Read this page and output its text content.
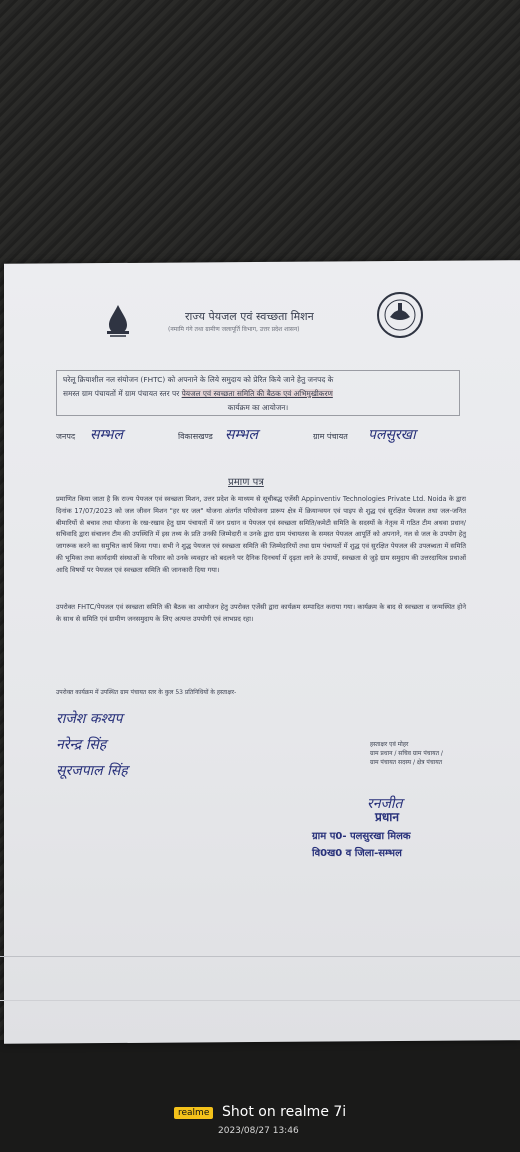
राज्य पेयजल एवं स्वच्छता मिशन
(नमामि गंगे तथा ग्रामीण जलापूर्ति विभाग, उत्तर प्रदेश शासन)
घरेलू क्रियाशील नल संयोजन (FHTC) को अपनाने के लिये समुदाय को प्रेरित किये जाने हेतु जनपद के
समस्त ग्राम पंचायतों में ग्राम पंचायत स्तर पर पेयजल एवं स्वच्छता समिति की बैठक एवं अभिमुखीकरण
कार्यक्रम का आयोजन।
जनपद सम्भल	विकासखण्ड सम्भल	ग्राम पंचायत पलसुरखा
प्रमाण पत्र
प्रमाणित किया जाता है कि राज्य पेयजल एवं स्वच्छता मिशन, उत्तर प्रदेश के माध्यम से सूचीबद्ध एजेंसी Appinventiv Technologies Private Ltd. Noida के द्वारा दिनांक 17/07/2023 को जल जीवन मिशन "हर घर जल" योजना अंतर्गत परियोजना प्रारूप क्षेत्र में क्रियान्वयन एवं पाइप से शुद्ध एवं सुरक्षित पेयजल तथा जल-जनित बीमारियों से बचाव तथा योजना के रख-रखाव हेतु ग्राम पंचायतों में जन प्रधान व पेयजल एवं स्वच्छता समिति/कमेटी समिति के सदस्यों के नेतृत्व में गठित टीम अथवा प्रधान/सचिवादि द्वारा संचालन टीम की उपस्थिति में इस तथ्य के प्रति उनकी जिम्मेदारी व उनके द्वारा ग्राम पंचायतस के समस्त पेयजल आपूर्ति को अपनाने, नल से जल के उपयोग हेतु जागरूक करने का समुचित कार्य किया गया। सभी ने शुद्ध पेयजल एवं स्वच्छता समिति की जिम्मेदारियों तथा ग्राम पंचायतों में शुद्ध एवं सुरक्षित पेयजल की उपलब्धता में समिति की भूमिका तथा कार्यदायी संस्थाओं के परिवार को उनके व्यवहार को बदलने पर दैनिक दिनचर्या में दृढ़ता लाने के उपायों, स्वच्छता से जुड़े ग्राम समुदाय की उत्तरदायित्व प्रथाओं आदि विषयों पर पेयजल एवं स्वच्छता समिति की जानकारी दिया गया।
उपरोक्त FHTC/पेयजल एवं स्वच्छता समिति की बैठक का आयोजन हेतु उपरोक्त एजेंसी द्वारा कार्यक्रम सम्पादित कराया गया। कार्यक्रम के बाद से स्वच्छता व जन्मस्थित होने के साथ से समिति एवं ग्रामीण जनसमुदाय के लिए अत्यन्त उपयोगी एवं लाभप्रद रहा।
उपरोक्त कार्यक्रम में उपस्थित ग्राम पंचायत स्तर के कुल 53 प्रतिनिधियों के हस्ताक्षर-
राजेश कश्यप
नरेन्द्र सिंह
सूरजपाल सिंह
हस्ताक्षर एवं मोहर
ग्राम प्रधान / सचिव ग्राम पंचायत /
ग्राम पंचायत सदस्य / क्षेत्र पंचायत
रनजीत
प्रधान
ग्राम प0- पलसुरखा मिलक
वि0ख0 व जिला-सम्भल
realme Shot on realme 7i
2023/08/27 13:46
